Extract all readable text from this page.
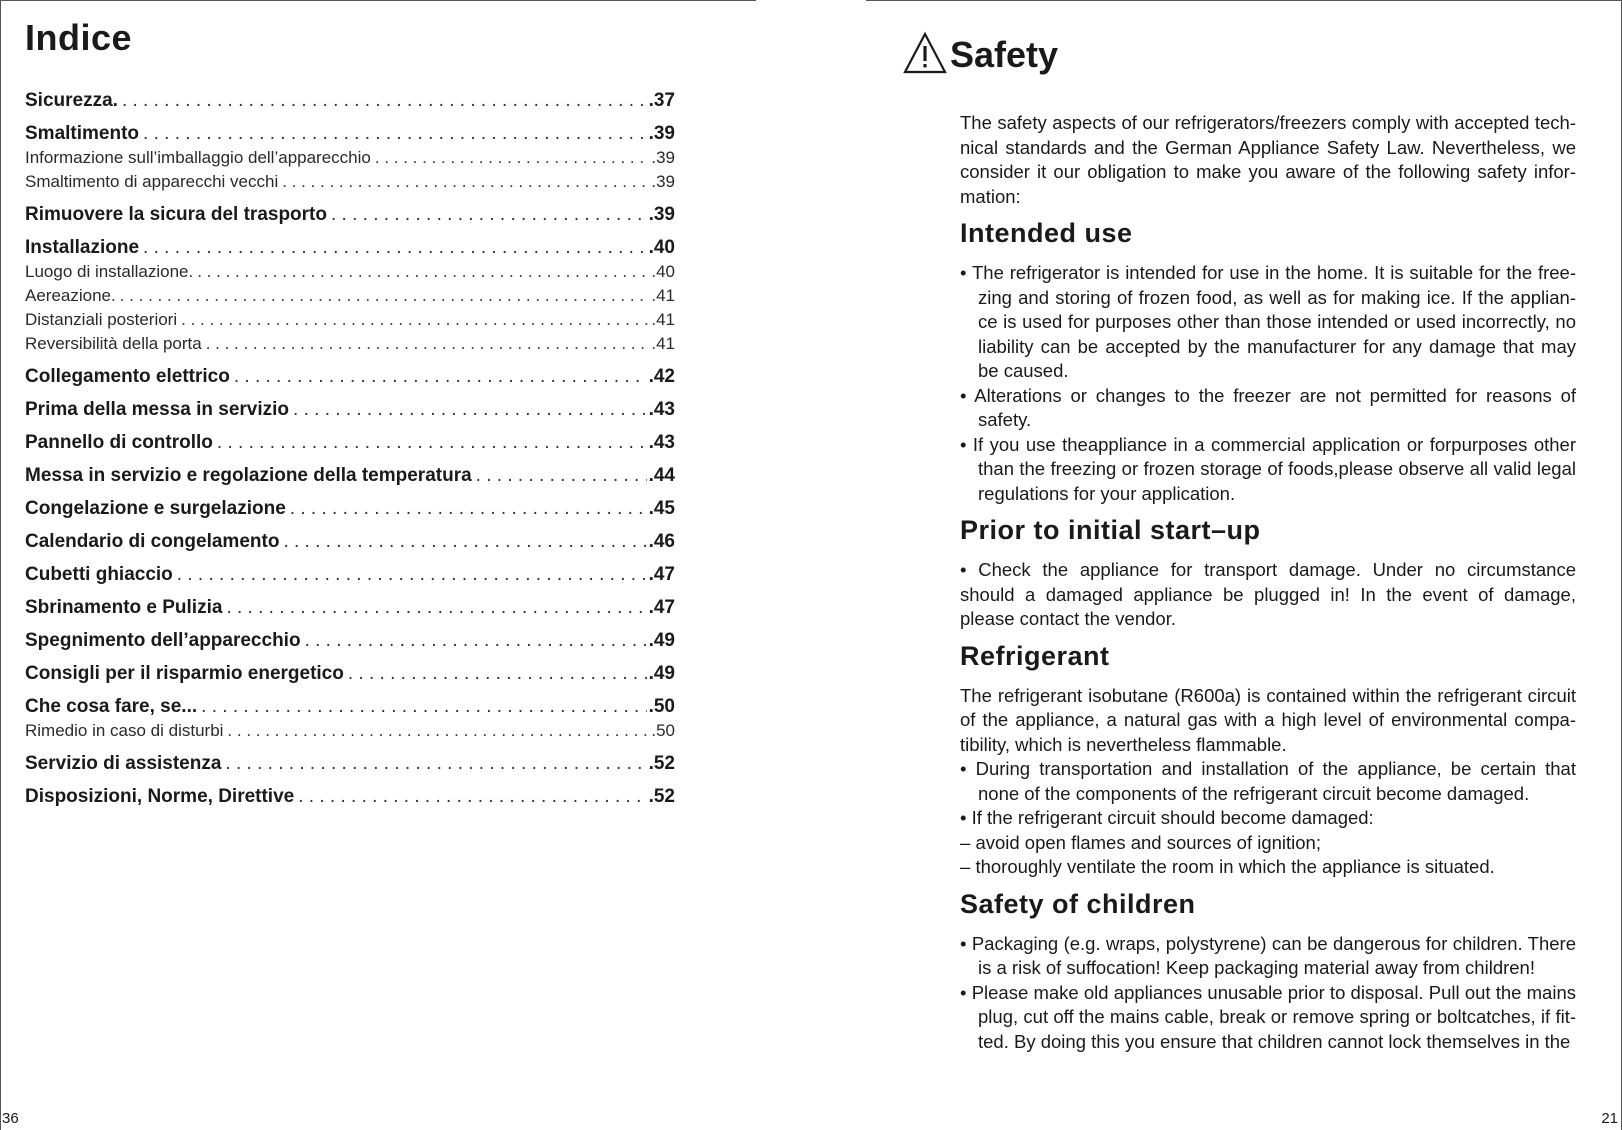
Indice
Sicurezza. . . .	.37
Smaltimento . . .	.39
Informazione sull’imballaggio dell’apparecchio . . .	.39
Smaltimento di apparecchi vecchi . . .	.39
Rimuovere la sicura del trasporto . . .	.39
Installazione . . .	.40
Luogo di installazione. . . .	.40
Aereazione. . . .	.41
Distanziali posteriori . . .	.41
Reversibilità della porta . . .	.41
Collegamento elettrico . . .	.42
Prima della messa in servizio . . .	.43
Pannello di controllo . . .	.43
Messa in servizio e regolazione della temperatura . . .	.44
Congelazione e surgelazione . . .	.45
Calendario di congelamento . . .	.46
Cubetti ghiaccio . . .	.47
Sbrinamento e Pulizia . . .	.47
Spegnimento dell’apparecchio . . .	.49
Consigli per il risparmio energetico . . .	.49
Che cosa fare, se... . . .	.50
Rimedio in caso di disturbi . . .	.50
Servizio di assistenza . . .	.52
Disposizioni, Norme, Direttive . . .	.52
36
Safety

The safety aspects of our refrigerators/freezers comply with accepted tech-nical standards and the German Appliance Safety Law. Nevertheless, we consider it our obligation to make you aware of the following safety infor-mation:

Intended use

• The refrigerator is intended for use in the home. It is suitable for the free-zing and storing of frozen food, as well as for making ice. If the applian-ce is used for purposes other than those intended or used incorrectly, no liability can be accepted by the manufacturer for any damage that may be caused.

• Alterations or changes to the freezer are not permitted for reasons of safety.

• If you use theappliance in a commercial application or forpurposes other than the freezing or frozen storage of foods,please observe all valid legal regulations for your application.

Prior to initial start–up

• Check the appliance for transport damage. Under no circumstance should a damaged appliance be plugged in! In the event of damage, please contact the vendor.

Refrigerant

The refrigerant isobutane (R600a) is contained within the refrigerant circuit of the appliance, a natural gas with a high level of environmental compa-tibility, which is nevertheless flammable.

• During transportation and installation of the appliance, be certain that none of the components of the refrigerant circuit become damaged.

• If the refrigerant circuit should become damaged:

– avoid open flames and sources of ignition;

– thoroughly ventilate the room in which the appliance is situated.

Safety of children

• Packaging (e.g. wraps, polystyrene) can be dangerous for children. There is a risk of suffocation! Keep packaging material away from children!

• Please make old appliances unusable prior to disposal. Pull out the mains plug, cut off the mains cable, break or remove spring or boltcatches, if fit-ted. By doing this you ensure that children cannot lock themselves in the

21
